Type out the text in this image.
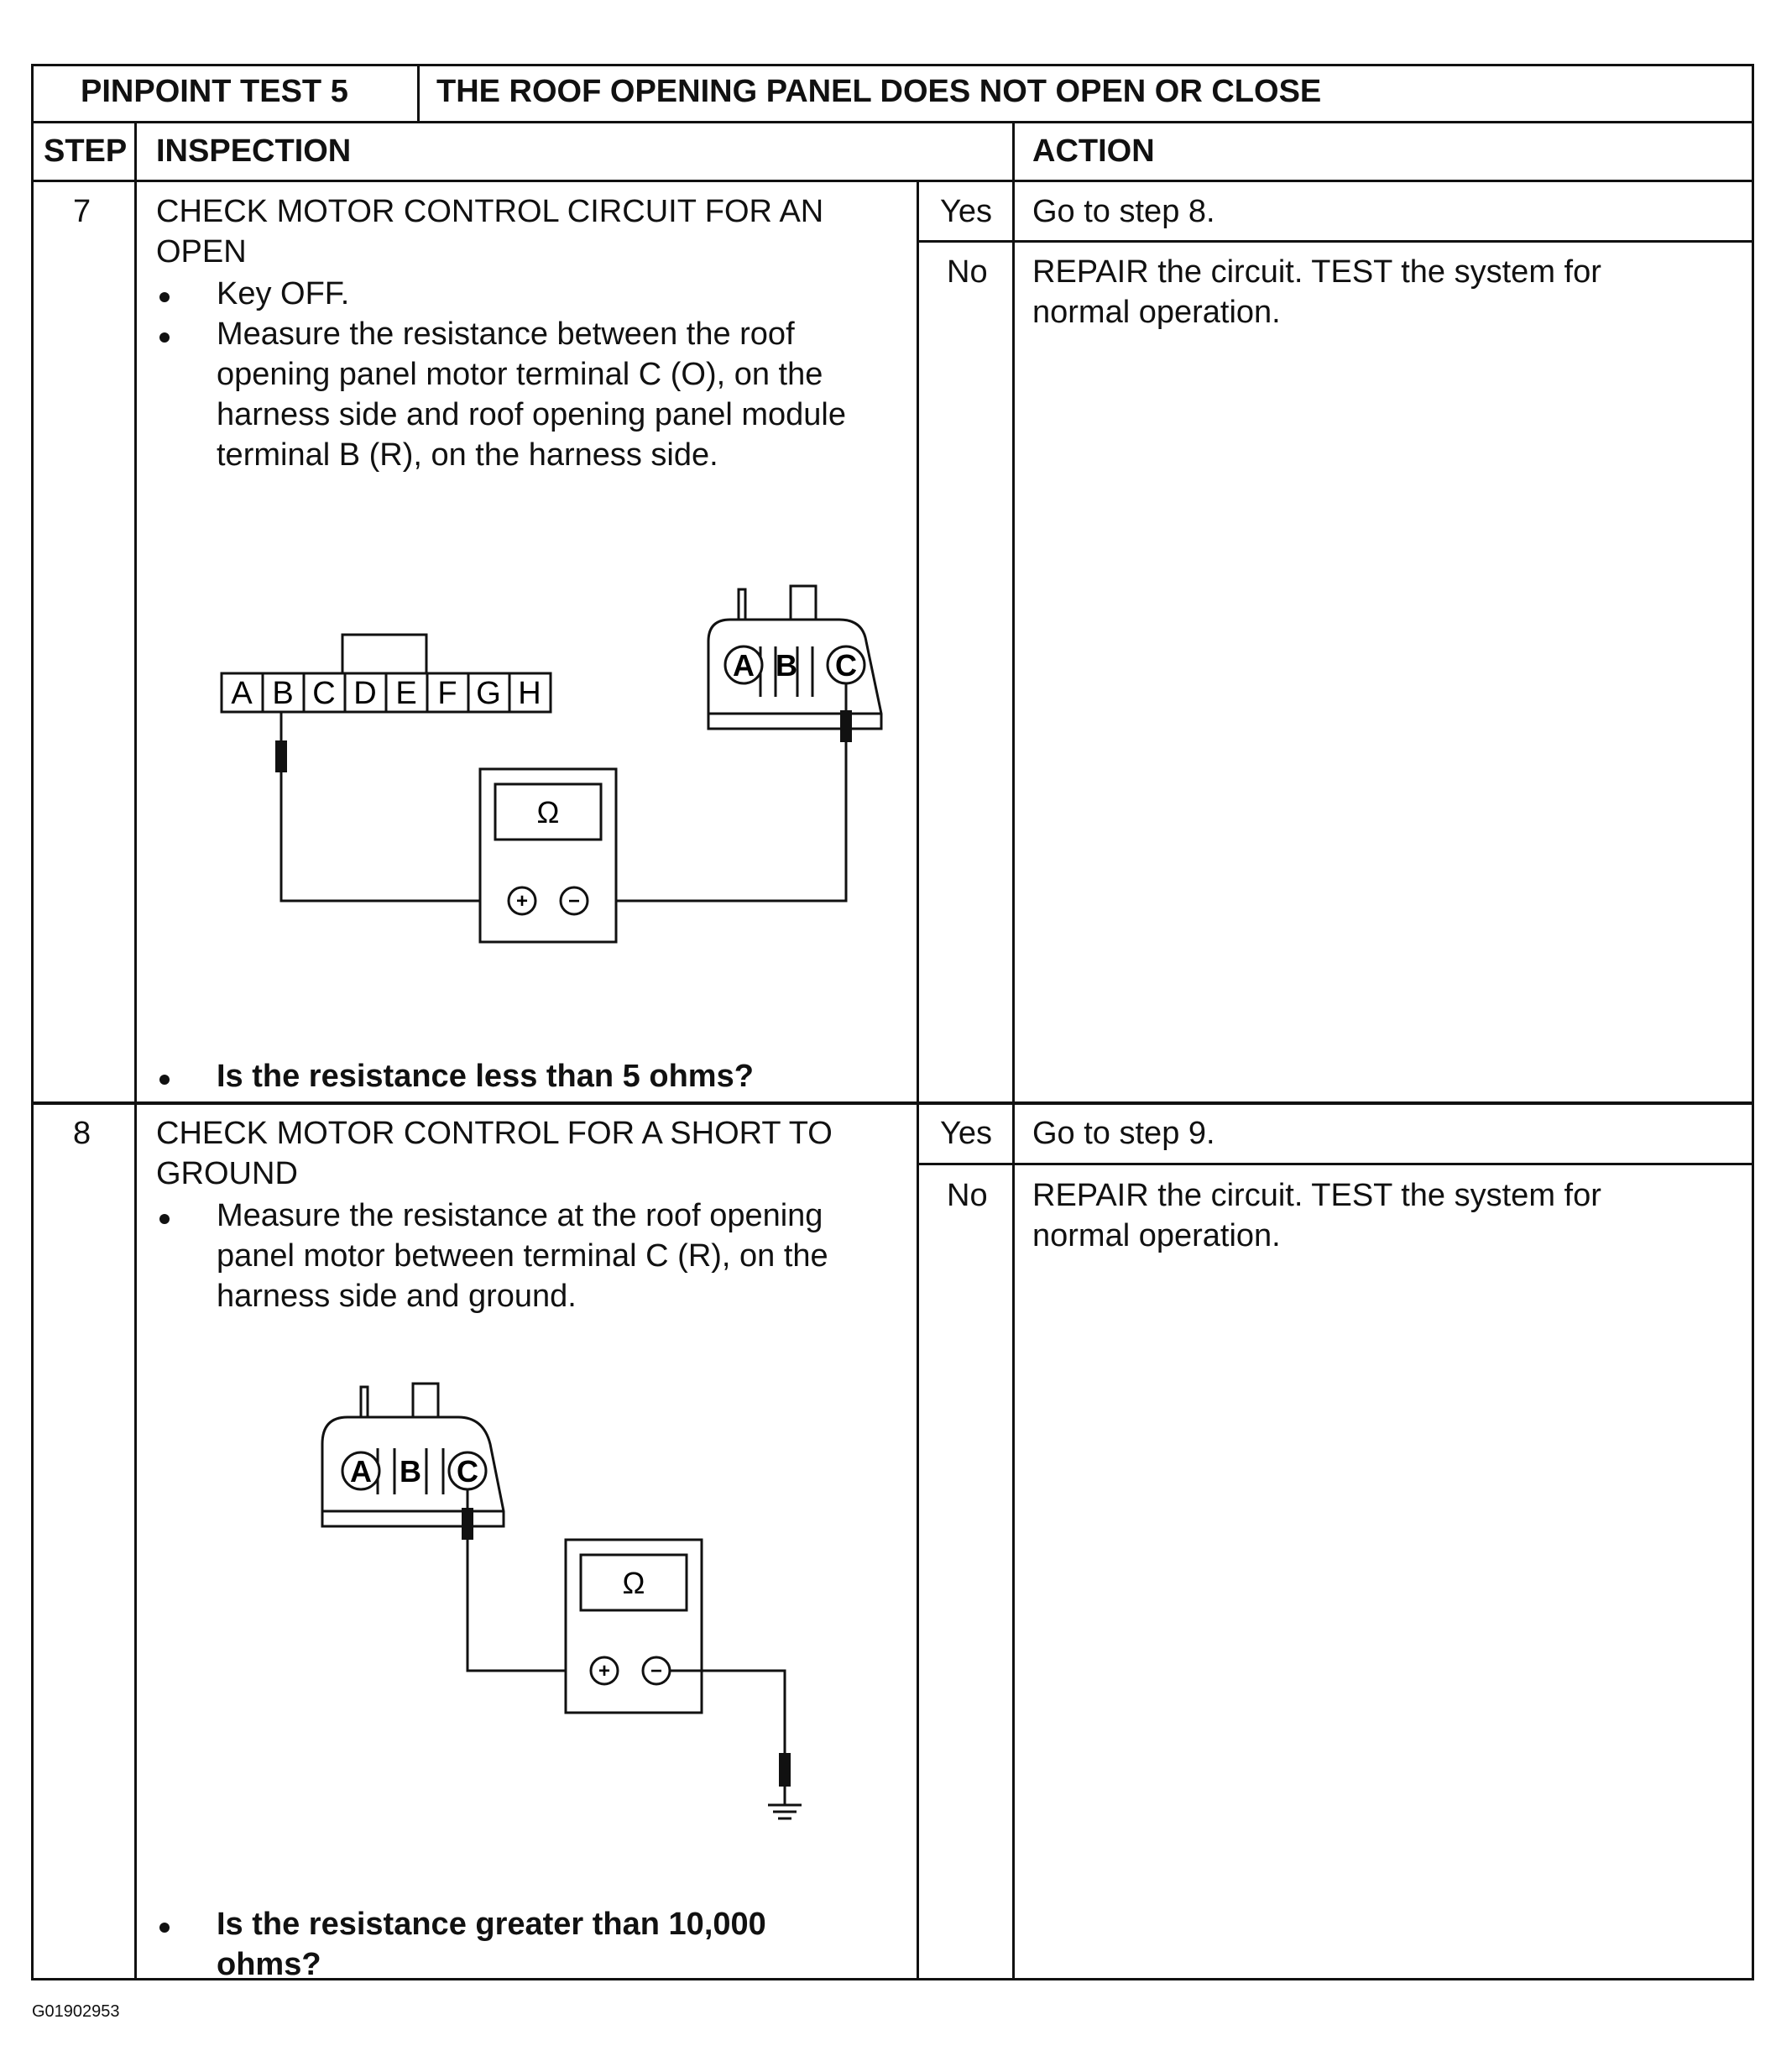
PINPOINT TEST 5	THE ROOF OPENING PANEL DOES NOT OPEN OR CLOSE
STEP INSPECTION	ACTION
7 CHECK MOTOR CONTROL CIRCUIT FOR AN
OPEN
Key OFF.
Measure the resistance between the roof
opening panel motor terminal C (O), on the
harness side and roof opening panel module
terminal B (R), on the harness side.
A B C D E F G H
A B C
Ω
+ −
Is the resistance less than 5 ohms?
Yes Go to step 8.
No REPAIR the circuit. TEST the system for
normal operation.
8 CHECK MOTOR CONTROL FOR A SHORT TO
GROUND
Measure the resistance at the roof opening
panel motor between terminal C (R), on the
harness side and ground.
A B C
Ω
+ −
Is the resistance greater than 10,000
ohms?
Yes Go to step 9.
No REPAIR the circuit. TEST the system for
normal operation.
G01902953
